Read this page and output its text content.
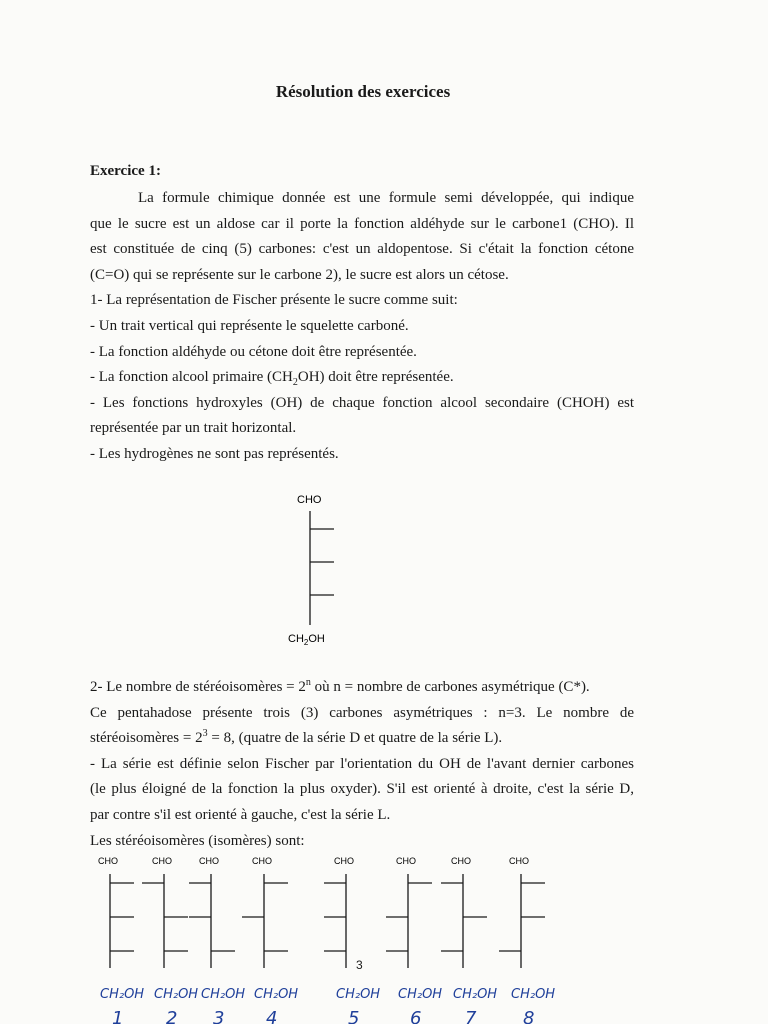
Résolution des exercices
Exercice 1:
La formule chimique donnée est une formule semi développée, qui indique
que le sucre est un aldose car il porte la fonction aldéhyde sur le carbone1 (CHO). Il
est constituée de cinq (5) carbones: c'est un aldopentose. Si c'était la fonction cétone
(C=O) qui se représente sur le carbone 2), le sucre est alors un cétose.
1- La représentation de Fischer présente le sucre comme suit:
- Un trait vertical qui représente le squelette carboné.
- La fonction aldéhyde ou cétone doit être représentée.
- La fonction alcool primaire $(CH_2OH)$ doit être représentée.
- Les fonctions hydroxyles (OH) de chaque fonction alcool secondaire (CHOH) est
représentée par un trait horizontal.
- Les hydrogènes ne sont pas représentés.
CHO
$CH_2OH$
2- Le nombre de stéréoisomères = $2^n$ où n = nombre de carbones asymétrique (C*).
Ce pentahadose présente trois (3) carbones asymétriques : n=3. Le nombre de
stéréoisomères = $2^3 = 8$, (quatre de la série D et quatre de la série L).
- La série est définie selon Fischer par l'orientation du OH de l'avant dernier carbones
(le plus éloigné de la fonction la plus oxyder). S'il est orienté à droite, c'est la série D,
par contre s'il est orienté à gauche, c'est la série L.
Les stéréoisomères (isomères) sont:
CHO
CH₂OH
1
CHO
CH₂OH
2
CHO
CH₂OH
3
CHO
CH₂OH
4
CHO
CH₂OH
5
CHO
CH₂OH
6
CHO
CH₂OH
7
CHO
CH₂OH
8
3
